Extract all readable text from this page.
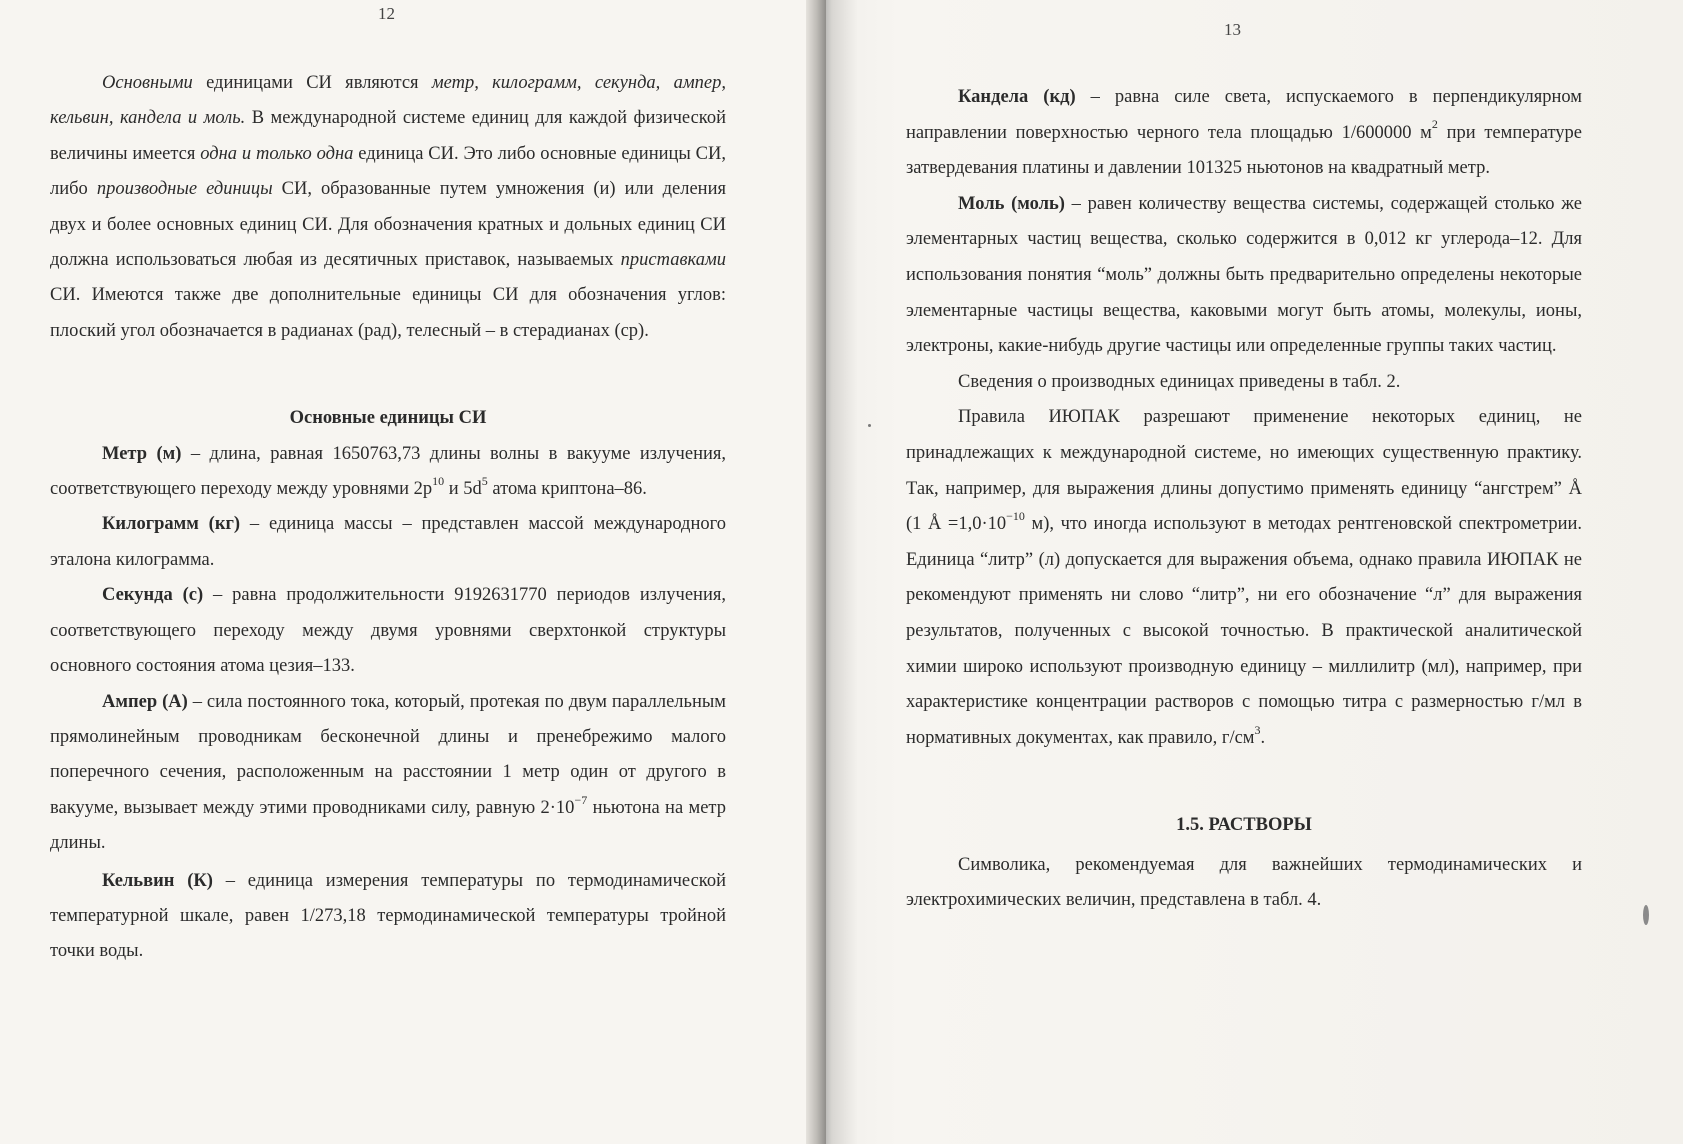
12

Основными единицами СИ являются метр, килограмм, секунда, ампер, кельвин, кандела и моль. В международной системе единиц для каждой физической величины имеется одна и только одна единица СИ. Это либо основные единицы СИ, либо производные единицы СИ, образованные путем умножения (и) или деления двух и более основных единиц СИ. Для обозначения кратных и дольных единиц СИ должна использоваться любая из десятичных приставок, называемых приставками СИ. Имеются также две дополнительные единицы СИ для обозначения углов: плоский угол обозначается в радианах (рад), телесный – в стерадианах (ср).

Основные единицы СИ

Метр (м) – длина, равная 1650763,73 длины волны в вакууме излучения, соответствующего переходу между уровнями $2p^{10}$ и $5d^5$ атома криптона–86.

Килограмм (кг) – единица массы – представлен массой международного эталона килограмма.

Секунда (с) – равна продолжительности 9192631770 периодов излучения, соответствующего переходу между двумя уровнями сверхтонкой структуры основного состояния атома цезия–133.

Ампер (А) – сила постоянного тока, который, протекая по двум параллельным прямолинейным проводникам бесконечной длины и пренебрежимо малого поперечного сечения, расположенным на расстоянии 1 метр один от другого в вакууме, вызывает между этими проводниками силу, равную $2\cdot 10^{-7}$ ньютона на метр длины.

Кельвин (К) – единица измерения температуры по термодинамической температурной шкале, равен 1/273,18 термодинамической температуры тройной точки воды.

13

Кандела (кд) – равна силе света, испускаемого в перпендикулярном направлении поверхностью черного тела площадью 1/600000 $м^2$ при температуре затвердевания платины и давлении 101325 ньютонов на квадратный метр.

Моль (моль) – равен количеству вещества системы, содержащей столько же элементарных частиц вещества, сколько содержится в 0,012 кг углерода–12. Для использования понятия “моль” должны быть предварительно определены некоторые элементарные частицы вещества, каковыми могут быть атомы, молекулы, ионы, электроны, какие-нибудь другие частицы или определенные группы таких частиц.

Сведения о производных единицах приведены в табл. 2.

Правила ИЮПАК разрешают применение некоторых единиц, не принадлежащих к международной системе, но имеющих существенную практику. Так, например, для выражения длины допустимо применять единицу “ангстрем” Å (1 Å $=1,0\cdot 10^{-10}$ м), что иногда используют в методах рентгеновской спектрометрии. Единица “литр” (л) допускается для выражения объема, однако правила ИЮПАК не рекомендуют применять ни слово “литр”, ни его обозначение “л” для выражения результатов, полученных с высокой точностью. В практической аналитической химии широко используют производную единицу – миллилитр (мл), например, при характеристике концентрации растворов с помощью титра с размерностью г/мл в нормативных документах, как правило, $г/см^3$.

1.5. РАСТВОРЫ

Символика, рекомендуемая для важнейших термодинамических и электрохимических величин, представлена в табл. 4.
